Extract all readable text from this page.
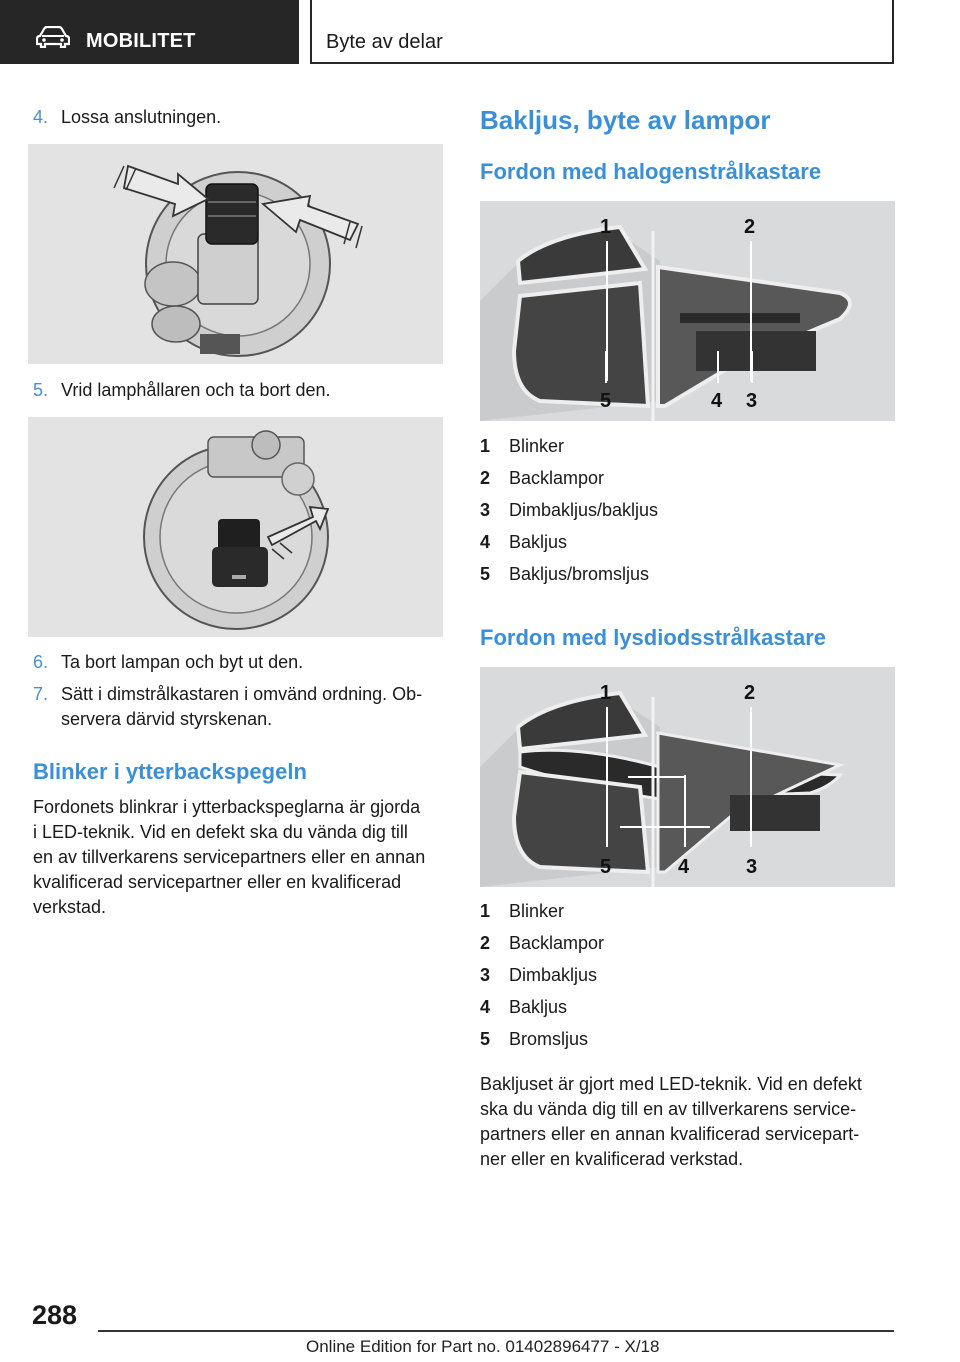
MOBILITET	Byte av delar
4. Lossa anslutningen.
5. Vrid lamphållaren och ta bort den.
6. Ta bort lampan och byt ut den.
7. Sätt i dimstrålkastaren i omvänd ordning. Ob-
servera därvid styrskenan.
Blinker i ytterbackspegeln
Fordonets blinkrar i ytterbackspeglarna är gjorda
i LED-teknik. Vid en defekt ska du vända dig till
en av tillverkarens servicepartners eller en annan
kvalificerad servicepartner eller en kvalificerad
verkstad.
Bakljus, byte av lampor
Fordon med halogenstrålkastare
1	2
5	4 3
1 Blinker
2 Backlampor
3 Dimbakljus/bakljus
4 Bakljus
5 Bakljus/bromsljus
Fordon med lysdiodsstrålkastare
1	2
5	4	3
1 Blinker
2 Backlampor
3 Dimbakljus
4 Bakljus
5 Bromsljus
Bakljuset är gjort med LED-teknik. Vid en defekt
ska du vända dig till en av tillverkarens service-
partners eller en annan kvalificerad servicepart-
ner eller en kvalificerad verkstad.
288
Online Edition for Part no. 01402896477 - X/18
